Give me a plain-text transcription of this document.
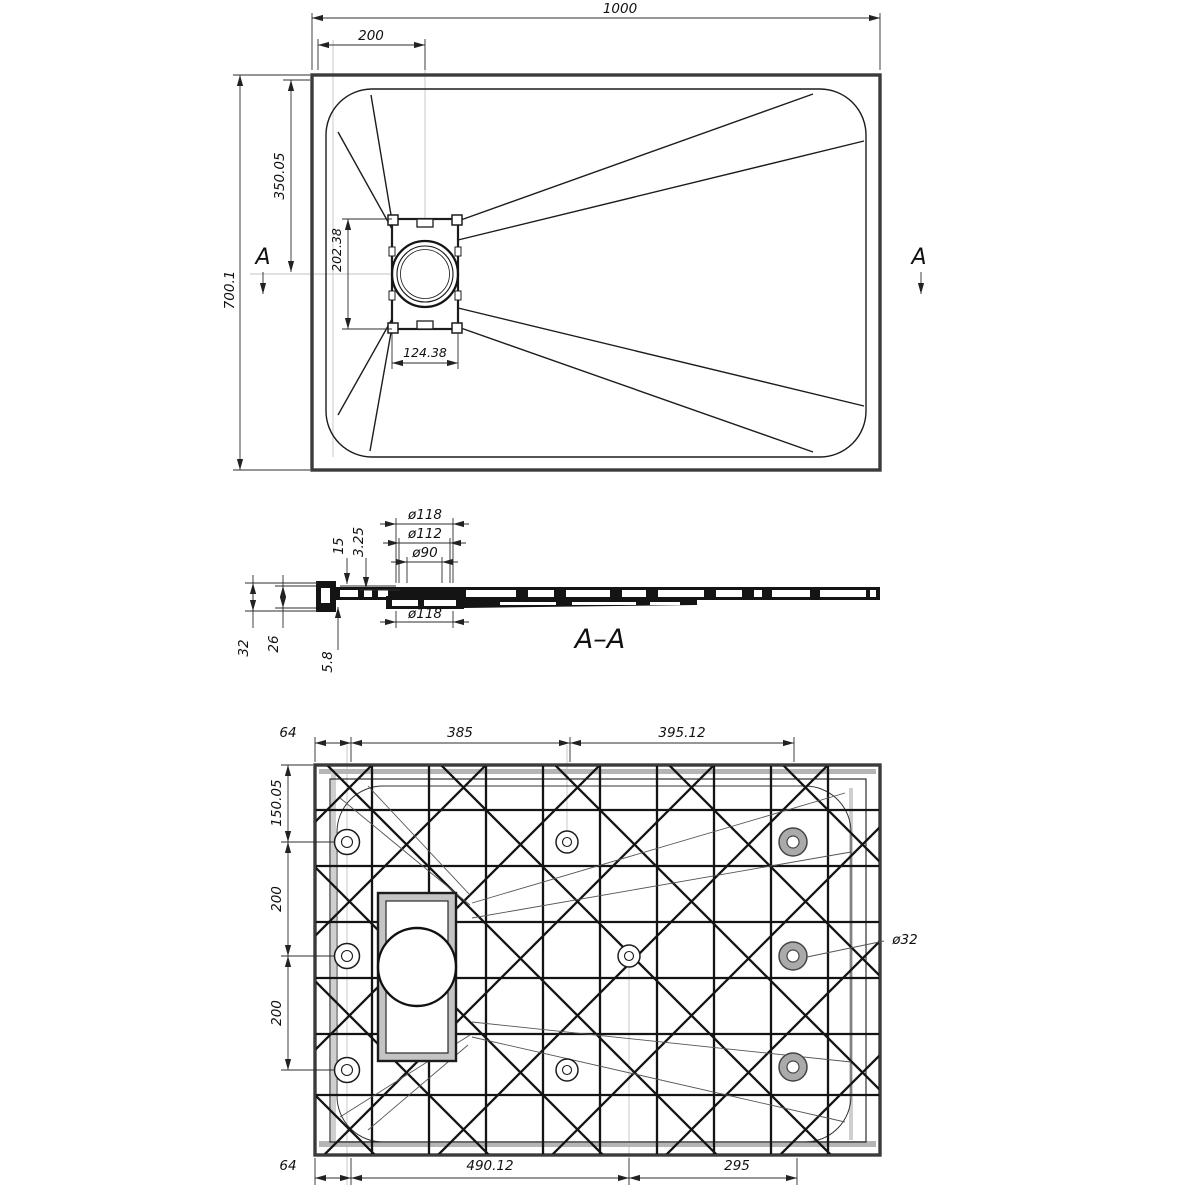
1000
200
700.1
350.05
A	A
202.38
124.38
32 26
5.8
15 3.25
ø118
ø112
ø90
ø118
A–A
ø32
64	385	395.12
150.05
200
200
64	490.12	295
